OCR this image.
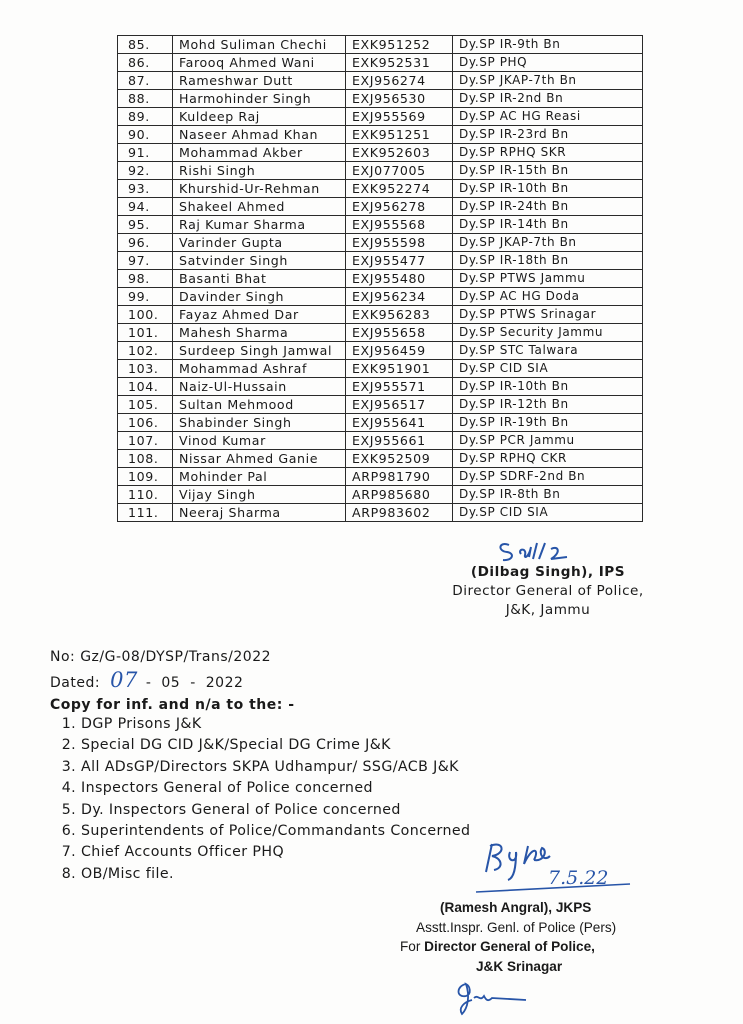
85.	Mohd Suliman Chechi	EXK951252	Dy.SP IR-9th Bn
86.	Farooq Ahmed Wani	EXK952531	Dy.SP PHQ
87.	Rameshwar Dutt	EXJ956274	Dy.SP JKAP-7th Bn
88.	Harmohinder Singh	EXJ956530	Dy.SP IR-2nd Bn
89.	Kuldeep Raj	EXJ955569	Dy.SP AC HG Reasi
90.	Naseer Ahmad Khan	EXK951251	Dy.SP IR-23rd Bn
91.	Mohammad Akber	EXK952603	Dy.SP RPHQ SKR
92.	Rishi Singh	EXJ077005	Dy.SP IR-15th Bn
93.	Khurshid-Ur-Rehman	EXK952274	Dy.SP IR-10th Bn
94.	Shakeel Ahmed	EXJ956278	Dy.SP IR-24th Bn
95.	Raj Kumar Sharma	EXJ955568	Dy.SP IR-14th Bn
96.	Varinder Gupta	EXJ955598	Dy.SP JKAP-7th Bn
97.	Satvinder Singh	EXJ955477	Dy.SP IR-18th Bn
98.	Basanti Bhat	EXJ955480	Dy.SP PTWS Jammu
99.	Davinder Singh	EXJ956234	Dy.SP AC HG Doda
100.	Fayaz Ahmed Dar	EXK956283	Dy.SP PTWS Srinagar
101.	Mahesh Sharma	EXJ955658	Dy.SP Security Jammu
102.	Surdeep Singh Jamwal	EXJ956459	Dy.SP STC Talwara
103.	Mohammad Ashraf	EXK951901	Dy.SP CID SIA
104.	Naiz-Ul-Hussain	EXJ955571	Dy.SP IR-10th Bn
105.	Sultan Mehmood	EXJ956517	Dy.SP IR-12th Bn
106.	Shabinder Singh	EXJ955641	Dy.SP IR-19th Bn
107.	Vinod Kumar	EXJ955661	Dy.SP PCR Jammu
108.	Nissar Ahmed Ganie	EXK952509	Dy.SP RPHQ CKR
109.	Mohinder Pal	ARP981790	Dy.SP SDRF-2nd Bn
110.	Vijay Singh	ARP985680	Dy.SP IR-8th Bn
111.	Neeraj Sharma	ARP983602	Dy.SP CID SIA
(Dilbag Singh), IPS
Director General of Police,
J&K, Jammu
No: Gz/G-08/DYSP/Trans/2022
Dated: 07 - 05 - 2022
Copy for inf. and n/a to the: -
1. DGP Prisons J&K
2. Special DG CID J&K/Special DG Crime J&K
3. All ADsGP/Directors SKPA Udhampur/ SSG/ACB J&K
4. Inspectors General of Police concerned
5. Dy. Inspectors General of Police concerned
6. Superintendents of Police/Commandants Concerned
7. Chief Accounts Officer PHQ
8. OB/Misc file.	7.5.22
(Ramesh Angral), JKPS
Asstt.Inspr. Genl. of Police (Pers)
For Director General of Police,
J&K Srinagar
